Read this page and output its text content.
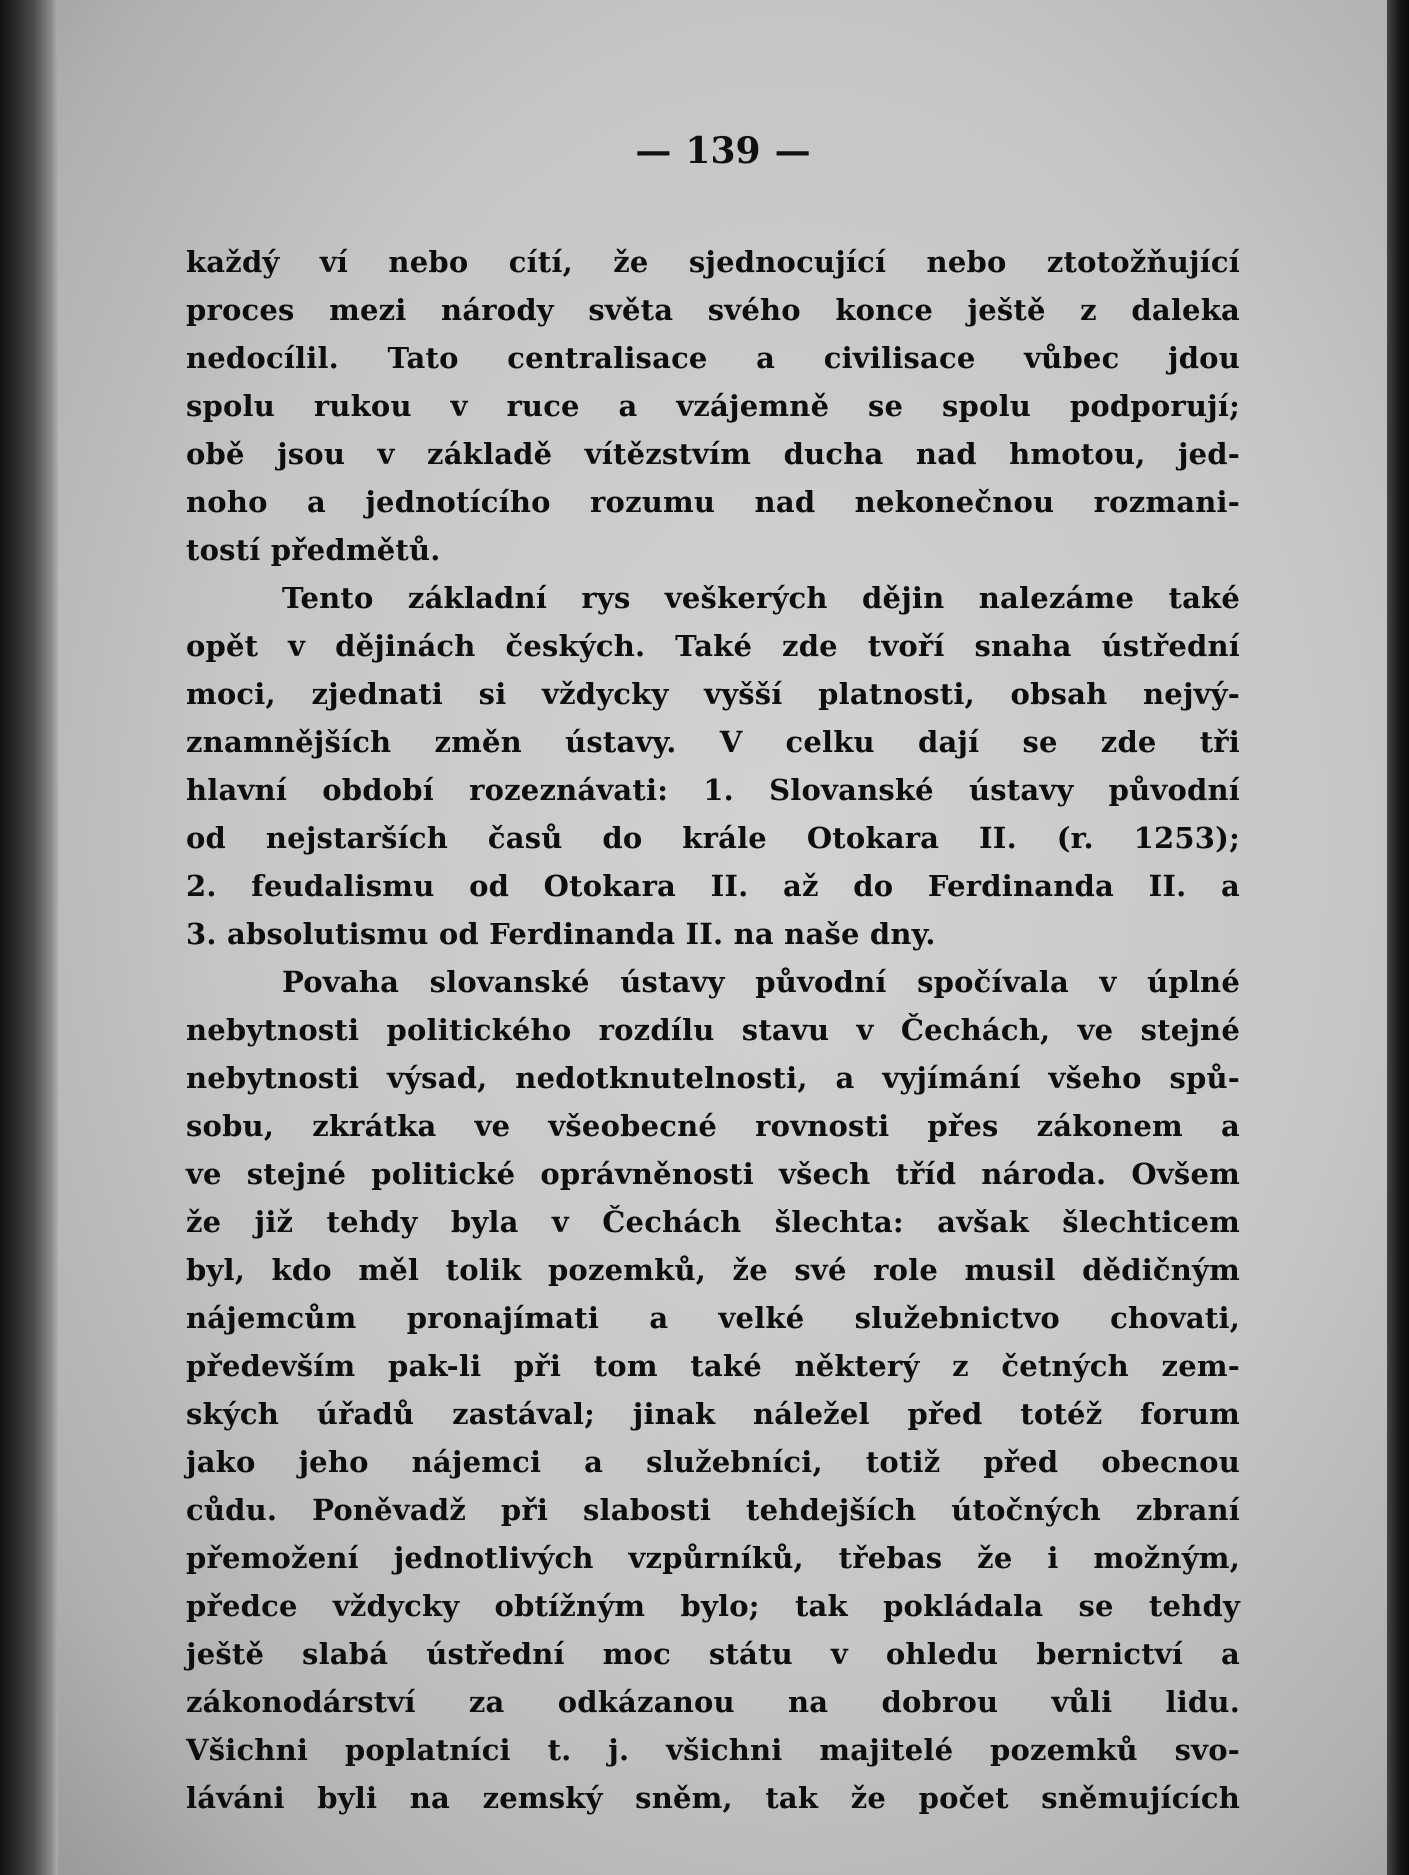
— 139 —
každý ví nebo cítí, že sjednocující nebo ztotožňující
proces mezi národy světa svého konce ještě z daleka
nedocílil. Tato centralisace a civilisace vůbec jdou
spolu rukou v ruce a vzájemně se spolu podporují;
obě jsou v základě vítězstvím ducha nad hmotou, jed-
noho a jednotícího rozumu nad nekonečnou rozmani-
tostí předmětů.
Tento základní rys veškerých dějin nalezáme také
opět v dějinách českých. Také zde tvoří snaha ústřední
moci, zjednati si vždycky vyšší platnosti, obsah nejvý-
znamnějších změn ústavy. V celku dají se zde tři
hlavní období rozeznávati: 1. Slovanské ústavy původní
od nejstarších časů do krále Otokara II. (r. 1253);
2. feudalismu od Otokara II. až do Ferdinanda II. a
3. absolutismu od Ferdinanda II. na naše dny.
Povaha slovanské ústavy původní spočívala v úplné
nebytnosti politického rozdílu stavu v Čechách, ve stejné
nebytnosti výsad, nedotknutelnosti, a vyjímání všeho spů-
sobu, zkrátka ve všeobecné rovnosti přes zákonem a
ve stejné politické oprávněnosti všech tříd národa. Ovšem
že již tehdy byla v Čechách šlechta: avšak šlechticem
byl, kdo měl tolik pozemků, že své role musil dědičným
nájemcům pronajímati a velké služebnictvo chovati,
především pak-li při tom také některý z četných zem-
ských úřadů zastával; jinak náležel před totéž forum
jako jeho nájemci a služebníci, totiž před obecnou
cůdu. Poněvadž při slabosti tehdejších útočných zbraní
přemožení jednotlivých vzpůrníků, třebas že i možným,
předce vždycky obtížným bylo; tak pokládala se tehdy
ještě slabá ústřední moc státu v ohledu bernictví a
zákonodárství za odkázanou na dobrou vůli lidu.
Všichni poplatníci t. j. všichni majitelé pozemků svo-
láváni byli na zemský sněm, tak že počet sněmujících
